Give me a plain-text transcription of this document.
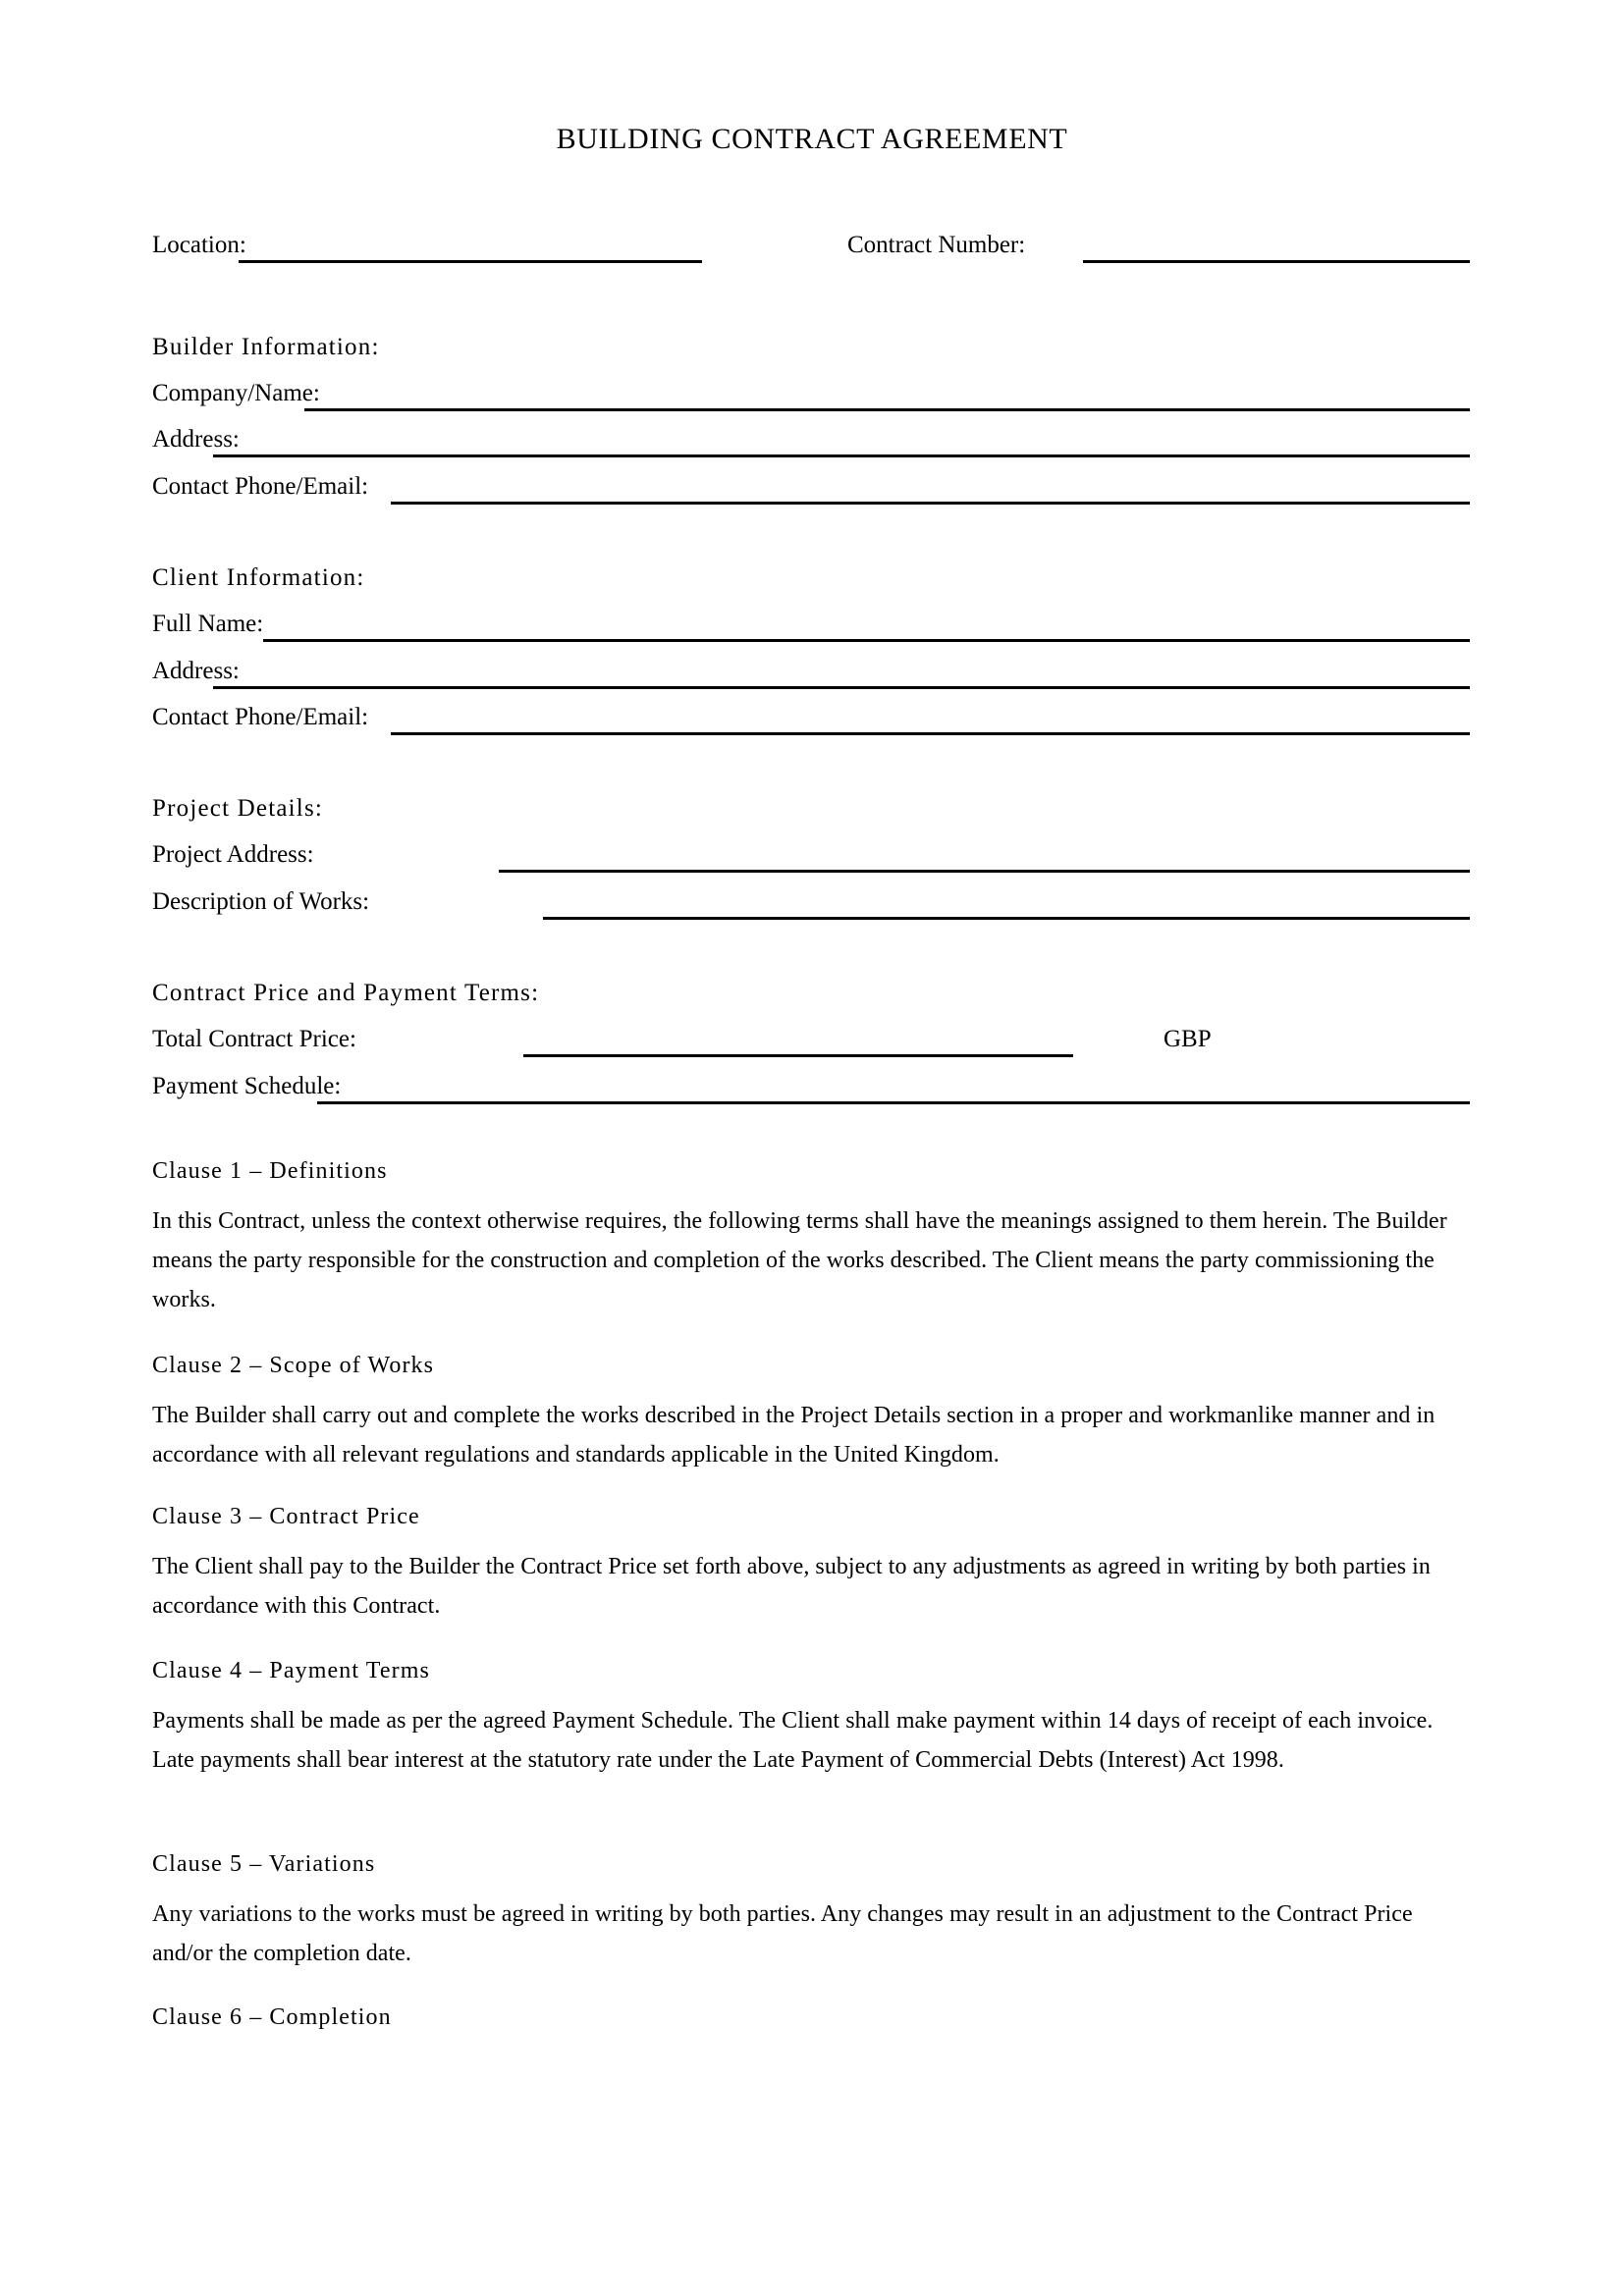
BUILDING CONTRACT AGREEMENT
Location:	Contract Number:
Builder Information:
Company/Name:
Address:
Contact Phone/Email:
Client Information:
Full Name:
Address:
Contact Phone/Email:
Project Details:
Project Address:
Description of Works:
Contract Price and Payment Terms:
Total Contract Price:	GBP
Payment Schedule:

Clause 1 – Definitions

In this Contract, unless the context otherwise requires, the following terms shall have the meanings assigned to them herein. The Builder means the party responsible for the construction and completion of the works described. The Client means the party commissioning the works.

Clause 2 – Scope of Works

The Builder shall carry out and complete the works described in the Project Details section in a proper and workmanlike manner and in accordance with all relevant regulations and standards applicable in the United Kingdom.

Clause 3 – Contract Price

The Client shall pay to the Builder the Contract Price set forth above, subject to any adjustments as agreed in writing by both parties in accordance with this Contract.

Clause 4 – Payment Terms

Payments shall be made as per the agreed Payment Schedule. The Client shall make payment within 14 days of receipt of each invoice. Late payments shall bear interest at the statutory rate under the Late Payment of Commercial Debts (Interest) Act 1998.

Clause 5 – Variations

Any variations to the works must be agreed in writing by both parties. Any changes may result in an adjustment to the Contract Price and/or the completion date.

Clause 6 – Completion
